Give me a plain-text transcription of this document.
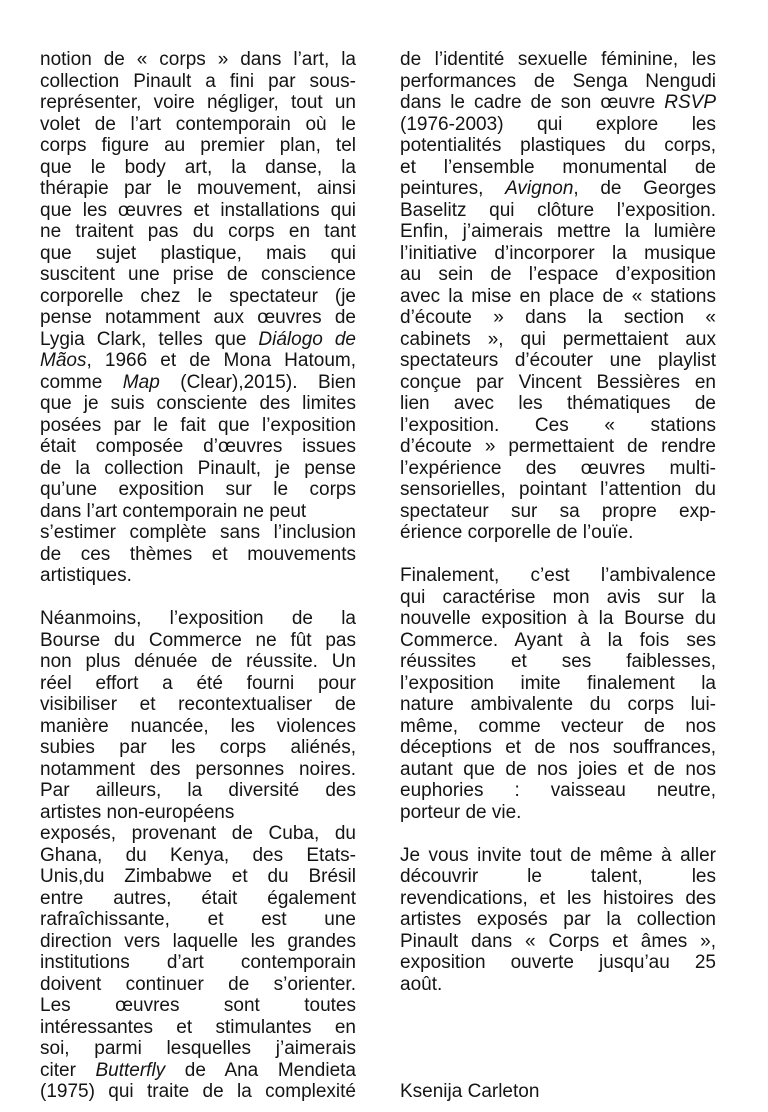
notion de « corps » dans l’art, la
collection Pinault a fini par sous-
représenter, voire négliger, tout un
volet de l’art contemporain où le
corps figure au premier plan, tel
que le body art, la danse, la
thérapie par le mouvement, ainsi
que les œuvres et installations qui
ne traitent pas du corps en tant
que sujet plastique, mais qui
suscitent une prise de conscience
corporelle chez le spectateur (je
pense notamment aux œuvres de
Lygia Clark, telles que Diálogo de
Mãos, 1966 et de Mona Hatoum,
comme Map (Clear),2015). Bien
que je suis consciente des limites
posées par le fait que l’exposition
était composée d’œuvres issues
de la collection Pinault, je pense
qu’une exposition sur le corps
dans l’art contemporain ne peut
s’estimer complète sans l’inclusion
de ces thèmes et mouvements
artistiques.
Néanmoins, l’exposition de la
Bourse du Commerce ne fût pas
non plus dénuée de réussite. Un
réel effort a été fourni pour
visibiliser et recontextualiser de
manière nuancée, les violences
subies par les corps aliénés,
notamment des personnes noires.
Par ailleurs, la diversité des
artistes non-européens
exposés, provenant de Cuba, du
Ghana, du Kenya, des Etats-
Unis,du Zimbabwe et du Brésil
entre autres, était également
rafraîchissante, et est une
direction vers laquelle les grandes
institutions d’art contemporain
doivent continuer de s’orienter.
Les œuvres sont toutes
intéressantes et stimulantes en
soi, parmi lesquelles j’aimerais
citer Butterfly de Ana Mendieta
(1975) qui traite de la complexité
de l’identité sexuelle féminine, les
performances de Senga Nengudi
dans le cadre de son œuvre RSVP
(1976-2003) qui explore les
potentialités plastiques du corps,
et l’ensemble monumental de
peintures, Avignon, de Georges
Baselitz qui clôture l’exposition.
Enfin, j’aimerais mettre la lumière
l’initiative d’incorporer la musique
au sein de l’espace d’exposition
avec la mise en place de « stations
d’écoute » dans la section «
cabinets », qui permettaient aux
spectateurs d’écouter une playlist
conçue par Vincent Bessières en
lien avec les thématiques de
l’exposition. Ces « stations
d’écoute » permettaient de rendre
l’expérience des œuvres multi-
sensorielles, pointant l’attention du
spectateur sur sa propre exp-
érience corporelle de l’ouïe.
Finalement, c’est l’ambivalence
qui caractérise mon avis sur la
nouvelle exposition à la Bourse du
Commerce. Ayant à la fois ses
réussites et ses faiblesses,
l’exposition imite finalement la
nature ambivalente du corps lui-
même, comme vecteur de nos
déceptions et de nos souffrances,
autant que de nos joies et de nos
euphories : vaisseau neutre,
porteur de vie.
Je vous invite tout de même à aller
découvrir le talent, les
revendications, et les histoires des
artistes exposés par la collection
Pinault dans « Corps et âmes »,
exposition ouverte jusqu’au 25
août.
Ksenija Carleton
